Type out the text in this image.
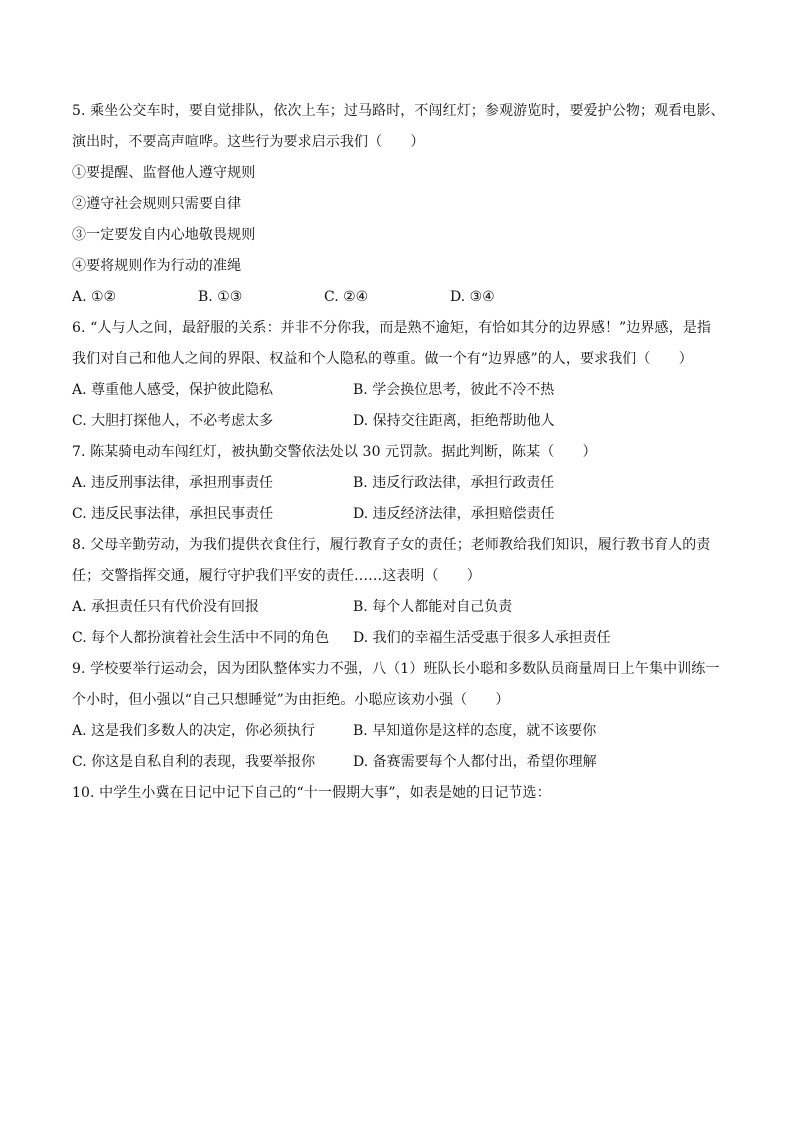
5. 乘坐公交车时，要自觉排队，依次上车；过马路时，不闯红灯；参观游览时，要爱护公物；观看电影、
演出时，不要高声喧哗。这些行为要求启示我们（　　）
①要提醒、监督他人遵守规则
②遵守社会规则只需要自律
③一定要发自内心地敬畏规则
④要将规则作为行动的准绳
A. ①②	B. ①③	C. ②④	D. ③④
6. “人与人之间，最舒服的关系：并非不分你我，而是熟不逾矩，有恰如其分的边界感！”边界感，是指
我们对自己和他人之间的界限、权益和个人隐私的尊重。做一个有“边界感”的人，要求我们（　　）
A. 尊重他人感受，保护彼此隐私	B. 学会换位思考，彼此不冷不热
C. 大胆打探他人，不必考虑太多	D. 保持交往距离，拒绝帮助他人
7. 陈某骑电动车闯红灯，被执勤交警依法处以 30 元罚款。据此判断，陈某（　　）
A. 违反刑事法律，承担刑事责任	B. 违反行政法律，承担行政责任
C. 违反民事法律，承担民事责任	D. 违反经济法律，承担赔偿责任
8. 父母辛勤劳动，为我们提供衣食住行，履行教育子女的责任；老师教给我们知识，履行教书育人的责
任；交警指挥交通，履行守护我们平安的责任……这表明（　　）
A. 承担责任只有代价没有回报	B. 每个人都能对自己负责
C. 每个人都扮演着社会生活中不同的角色	D. 我们的幸福生活受惠于很多人承担责任
9. 学校要举行运动会，因为团队整体实力不强，八（1）班队长小聪和多数队员商量周日上午集中训练一
个小时，但小强以“自己只想睡觉”为由拒绝。小聪应该劝小强（　　）
A. 这是我们多数人的决定，你必须执行	B. 早知道你是这样的态度，就不该要你
C. 你这是自私自利的表现，我要举报你	D. 备赛需要每个人都付出，希望你理解
10. 中学生小冀在日记中记下自己的“十一假期大事”，如表是她的日记节选：
